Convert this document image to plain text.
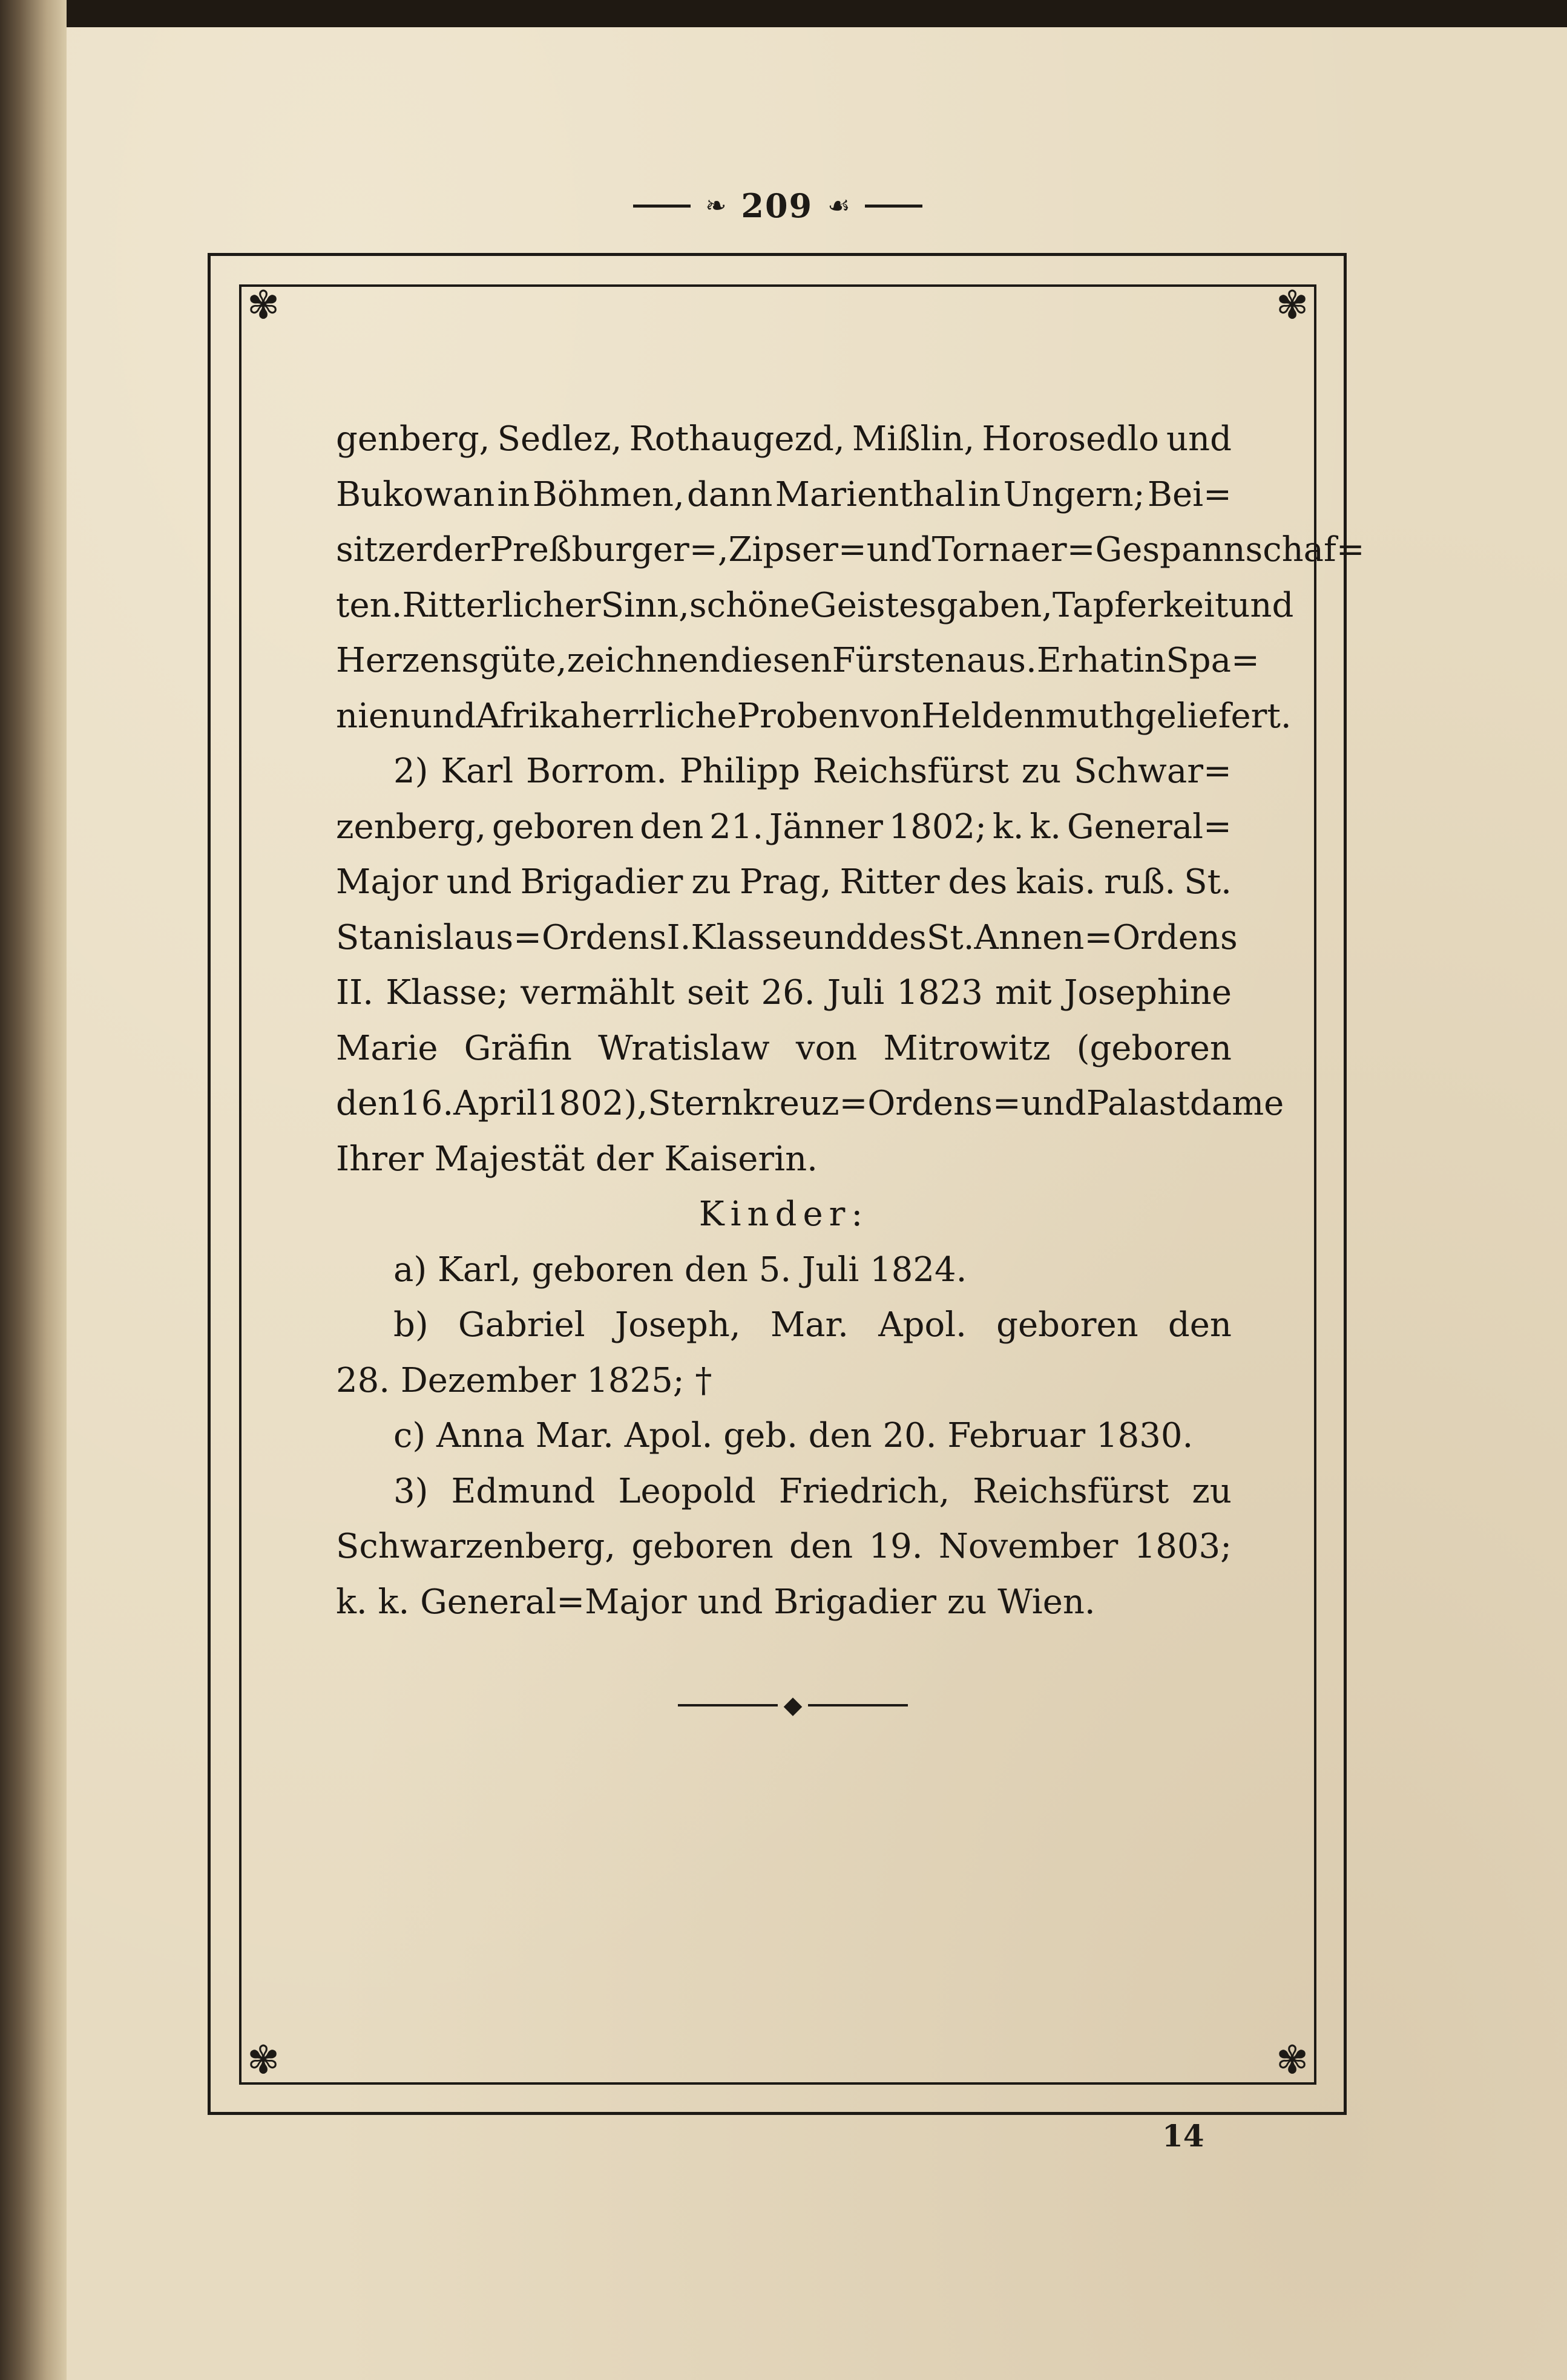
❧ 209 ☙
✾	✾
✾	✾
genberg, Sedlez, Rothaugezd, Mißlin, Horosedlo und
Bukowan in Böhmen, dann Marienthal in Ungern; Bei=
sitzer der Preßburger=, Zipser= und Tornaer=Gespannschaf=
ten. Ritterlicher Sinn, schöne Geistesgaben, Tapferkeit und
Herzensgüte, zeichnen diesen Fürsten aus. Er hat in Spa=
nien und Afrika herrliche Proben von Heldenmuth geliefert.
2) Karl Borrom. Philipp Reichsfürst zu Schwar=
zenberg, geboren den 21. Jänner 1802; k. k. General=
Major und Brigadier zu Prag, Ritter des kais. ruß. St.
Stanislaus=Ordens I. Klasse und des St. Annen=Ordens
II. Klasse; vermählt seit 26. Juli 1823 mit Josephine
Marie Gräfin Wratislaw von Mitrowitz (geboren
den 16. April 1802), Sternkreuz=Ordens= und Palastdame
Ihrer Majestät der Kaiserin.
Kinder:
a) Karl, geboren den 5. Juli 1824.
b) Gabriel Joseph, Mar. Apol. geboren den
28. Dezember 1825; †
c) Anna Mar. Apol. geb. den 20. Februar 1830.
3) Edmund Leopold Friedrich, Reichsfürst zu
Schwarzenberg, geboren den 19. November 1803;
k. k. General=Major und Brigadier zu Wien.
◆
14
